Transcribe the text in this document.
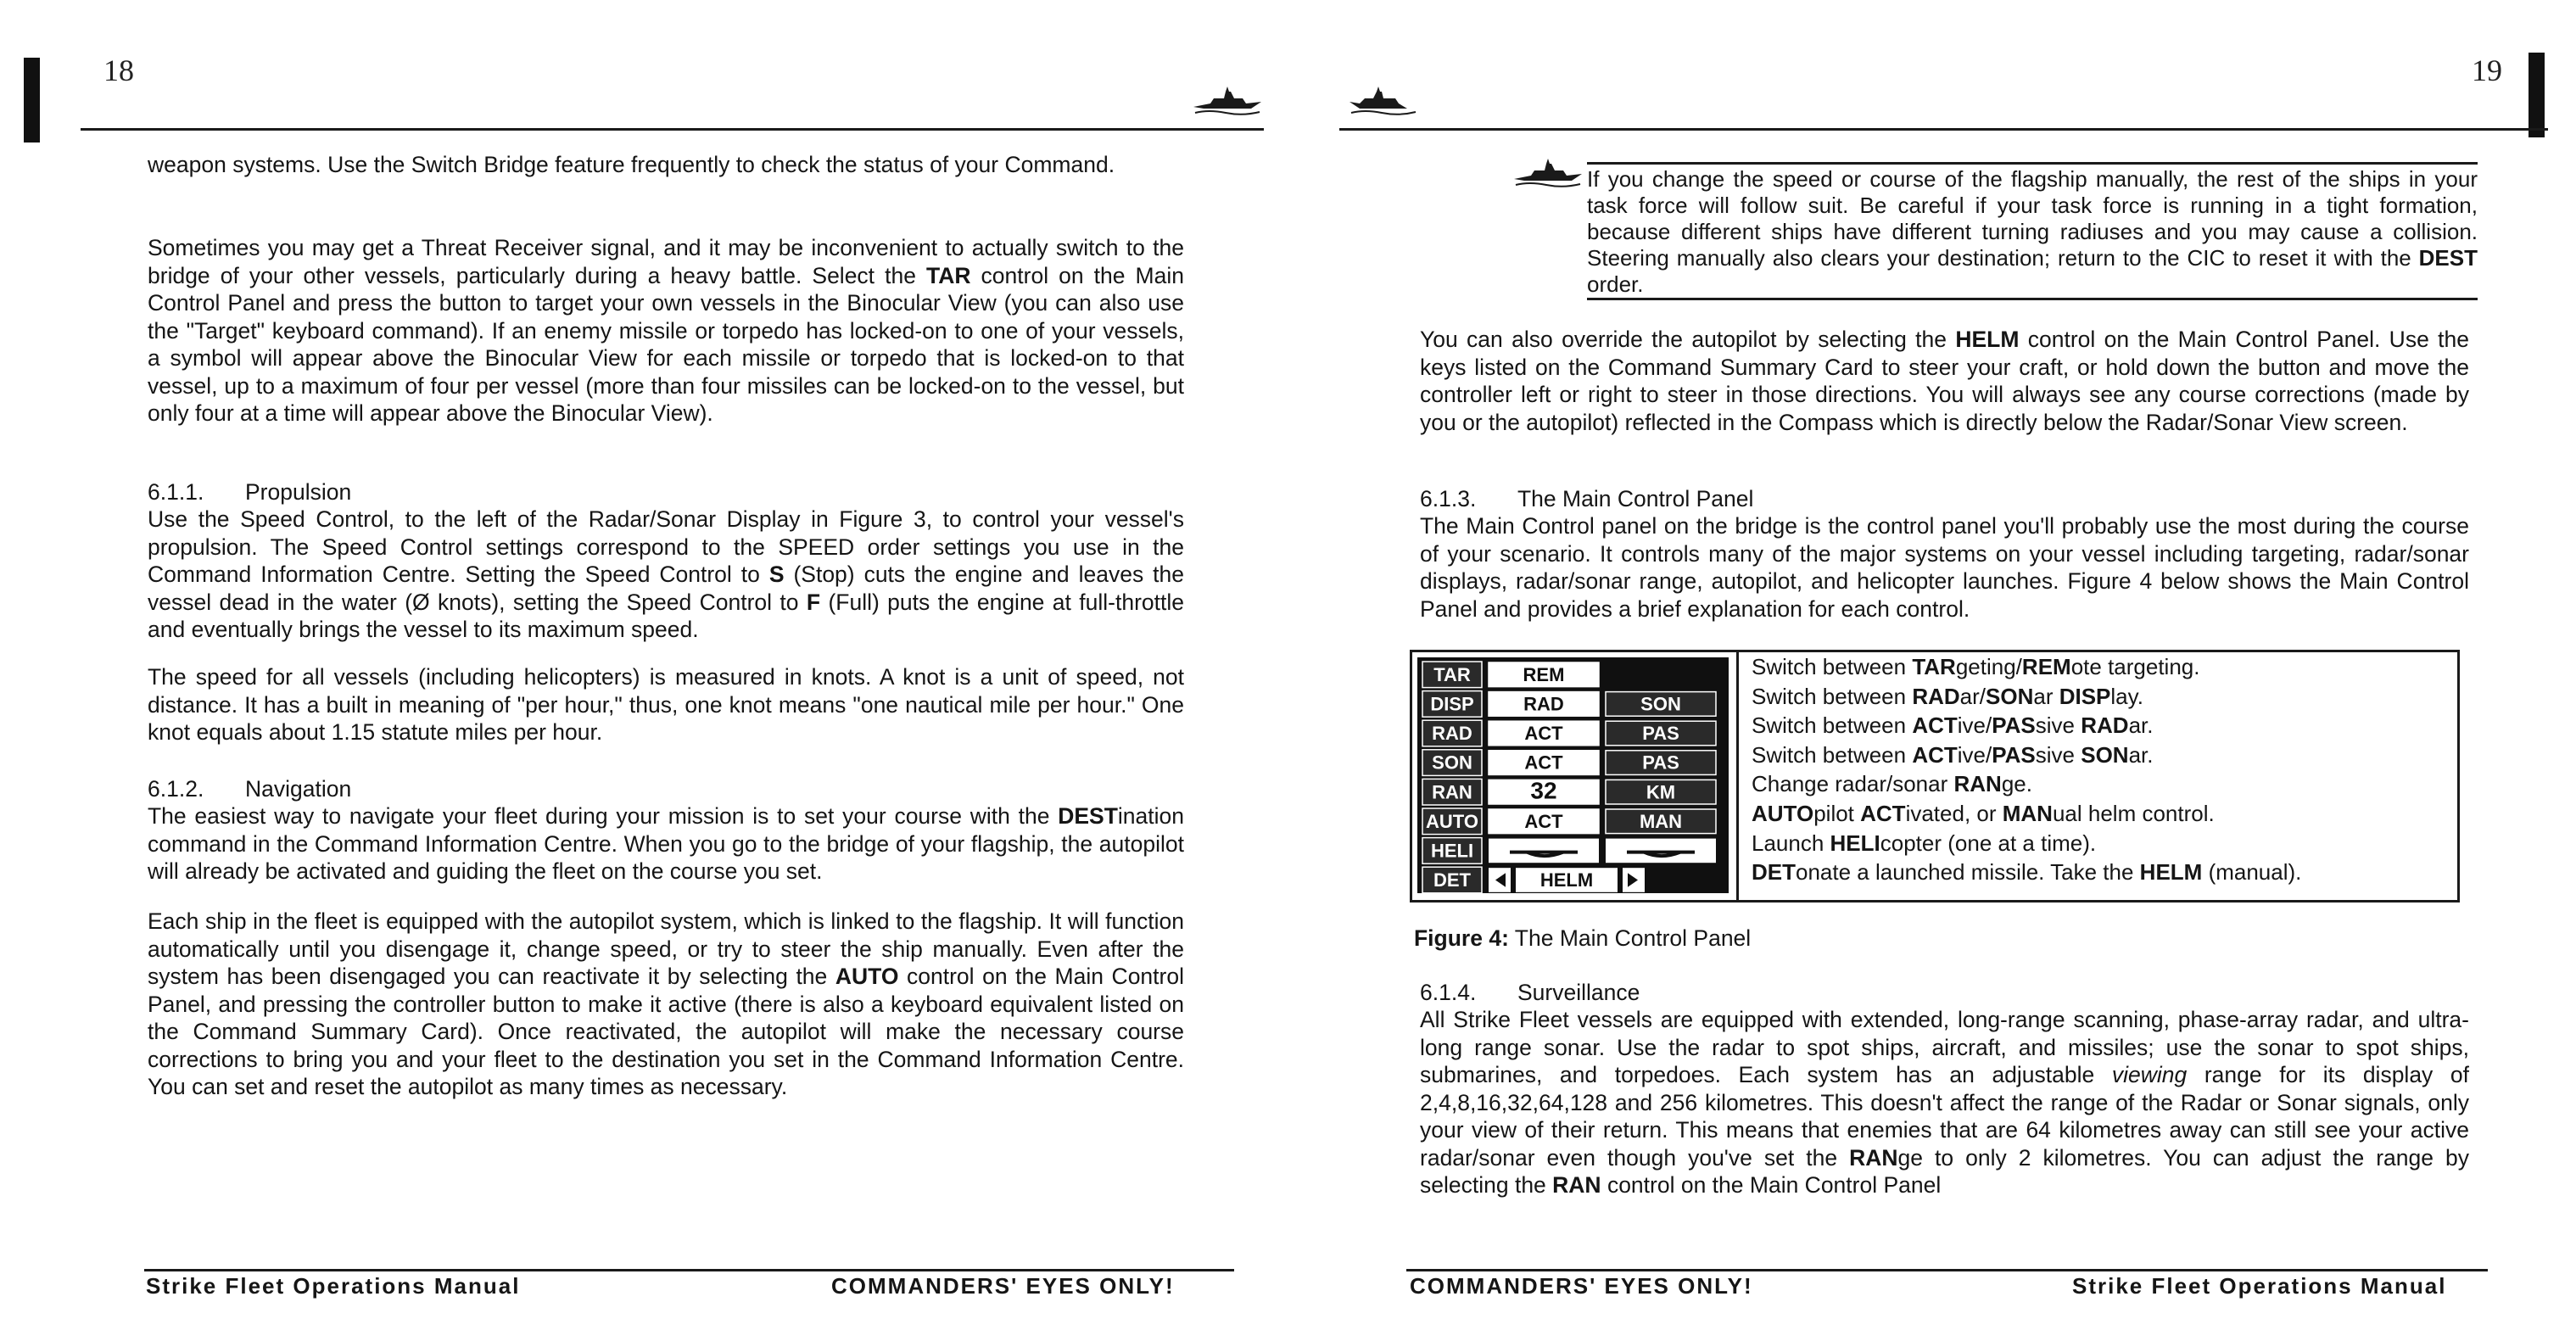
18

weapon systems. Use the Switch Bridge feature frequently to check the status of your Command.

Sometimes you may get a Threat Receiver signal, and it may be inconvenient to actually switch to the bridge of your other vessels, particularly during a heavy battle. Select the TAR control on the Main Control Panel and press the button to target your own vessels in the Binocular View (you can also use the "Target" keyboard command). If an enemy missile or torpedo has locked-on to one of your vessels, a symbol will appear above the Binocular View for each missile or torpedo that is locked-on to that vessel, up to a maximum of four per vessel (more than four missiles can be locked-on to the vessel, but only four at a time will appear above the Binocular View).

6.1.1. Propulsion

Use the Speed Control, to the left of the Radar/Sonar Display in Figure 3, to control your vessel's propulsion. The Speed Control settings correspond to the SPEED order settings you use in the Command Information Centre. Setting the Speed Control to S (Stop) cuts the engine and leaves the vessel dead in the water (Ø knots), setting the Speed Control to F (Full) puts the engine at full-throttle and eventually brings the vessel to its maximum speed.

The speed for all vessels (including helicopters) is measured in knots. A knot is a unit of speed, not distance. It has a built in meaning of "per hour," thus, one knot means "one nautical mile per hour." One knot equals about 1.15 statute miles per hour.

6.1.2. Navigation

The easiest way to navigate your fleet during your mission is to set your course with the DESTination command in the Command Information Centre. When you go to the bridge of your flagship, the autopilot will already be activated and guiding the fleet on the course you set.

Each ship in the fleet is equipped with the autopilot system, which is linked to the flagship. It will function automatically until you disengage it, change speed, or try to steer the ship manually. Even after the system has been disengaged you can reactivate it by selecting the AUTO control on the Main Control Panel, and pressing the controller button to make it active (there is also a keyboard equivalent listed on the Command Summary Card). Once reactivated, the autopilot will make the necessary course corrections to bring you and your fleet to the destination you set in the Command Information Centre. You can set and reset the autopilot as many times as necessary.

Strike Fleet Operations Manual	COMMANDERS' EYES ONLY!
19

If you change the speed or course of the flagship manually, the rest of the ships in your task force will follow suit. Be careful if your task force is running in a tight formation, because different ships have different turning radiuses and you may cause a collision. Steering manually also clears your destination; return to the CIC to reset it with the DEST order.

You can also override the autopilot by selecting the HELM control on the Main Control Panel. Use the keys listed on the Command Summary Card to steer your craft, or hold down the button and move the controller left or right to steer in those directions. You will always see any course corrections (made by you or the autopilot) reflected in the Compass which is directly below the Radar/Sonar View screen.

6.1.3. The Main Control Panel

The Main Control panel on the bridge is the control panel you'll probably use the most during the course of your scenario. It controls many of the major systems on your vessel including targeting, radar/sonar displays, radar/sonar range, autopilot, and helicopter launches. Figure 4 below shows the Main Control Panel and provides a brief explanation for each control.

TAR	REM
DISP	RAD	SON
RAD	ACT	PAS
SON	ACT	PAS
RAN 32	KM
AUTO ACT	MAN
HELI
DET	HELM
Switch between TARgeting/REMote targeting.
Switch between RADar/SONar DISPlay.
Switch between ACTive/PASsive RADar.
Switch between ACTive/PASsive SONar.
Change radar/sonar RANge.
AUTOpilot ACTivated, or MANual helm control.
Launch HELIcopter (one at a time).
DETonate a launched missile. Take the HELM (manual).

Figure 4: The Main Control Panel

6.1.4. Surveillance

All Strike Fleet vessels are equipped with extended, long-range scanning, phase-array radar, and ultra-long range sonar. Use the radar to spot ships, aircraft, and missiles; use the sonar to spot ships, submarines, and torpedoes. Each system has an adjustable viewing range for its display of 2,4,8,16,32,64,128 and 256 kilometres. This doesn't affect the range of the Radar or Sonar signals, only your view of their return. This means that enemies that are 64 kilometres away can still see your active radar/sonar even though you've set the RANge to only 2 kilometres. You can adjust the range by selecting the RAN control on the Main Control Panel

COMMANDERS' EYES ONLY!	Strike Fleet Operations Manual
